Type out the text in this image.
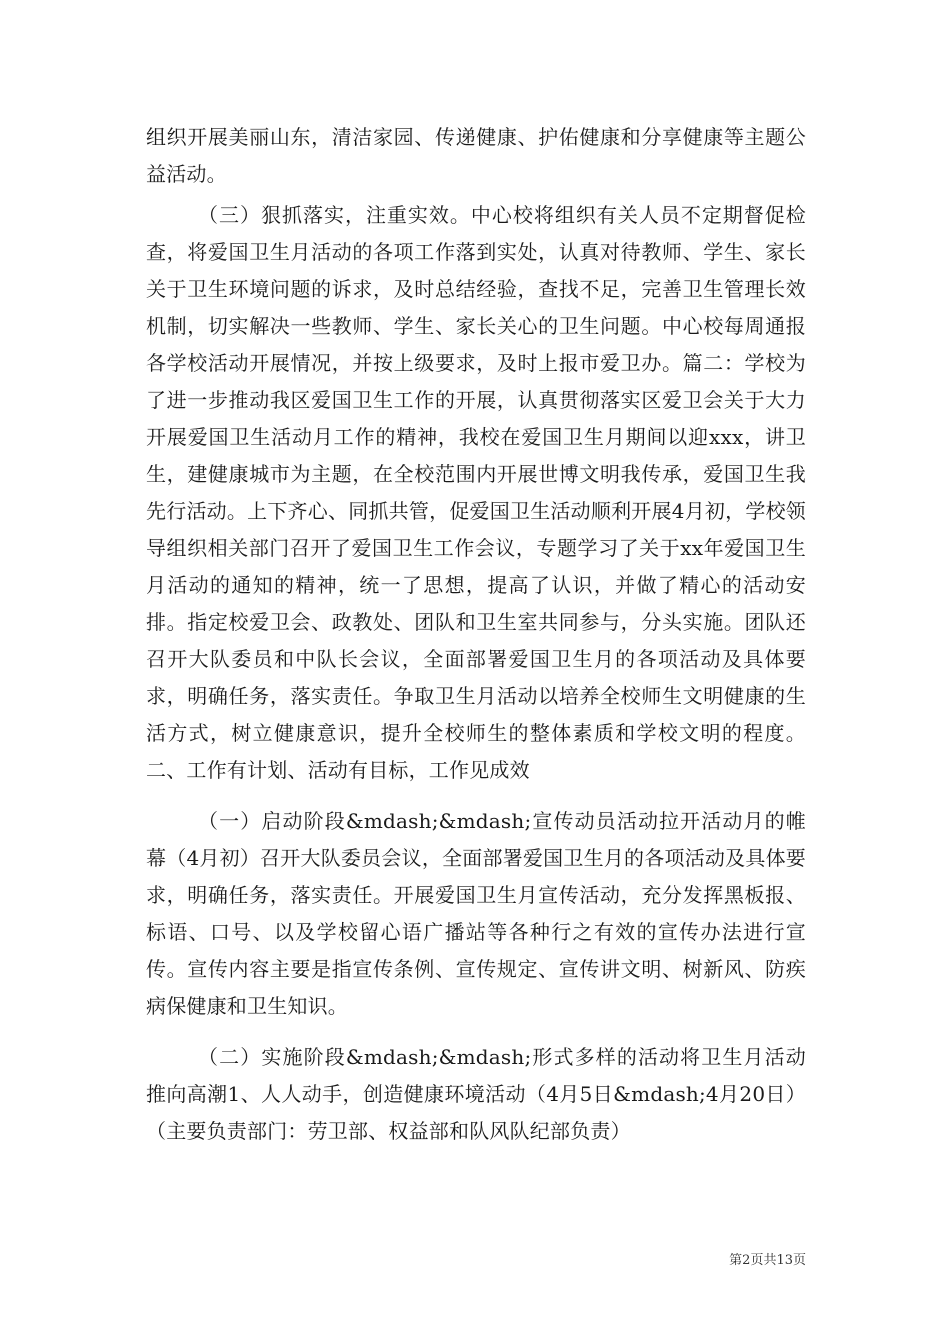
组织开展美丽山东，清洁家园、传递健康、护佑健康和分享健康等主题公益活动。

（三）狠抓落实，注重实效。中心校将组织有关人员不定期督促检查，将爱国卫生月活动的各项工作落到实处，认真对待教师、学生、家长关于卫生环境问题的诉求，及时总结经验，查找不足，完善卫生管理长效机制，切实解决一些教师、学生、家长关心的卫生问题。中心校每周通报各学校活动开展情况，并按上级要求，及时上报市爱卫办。篇二：学校为了进一步推动我区爱国卫生工作的开展，认真贯彻落实区爱卫会关于大力开展爱国卫生活动月工作的精神，我校在爱国卫生月期间以迎xxx，讲卫生，建健康城市为主题，在全校范围内开展世博文明我传承，爱国卫生我先行活动。上下齐心、同抓共管，促爱国卫生活动顺利开展4月初，学校领导组织相关部门召开了爱国卫生工作会议，专题学习了关于xx年爱国卫生月活动的通知的精神，统一了思想，提高了认识，并做了精心的活动安排。指定校爱卫会、政教处、团队和卫生室共同参与，分头实施。团队还召开大队委员和中队长会议，全面部署爱国卫生月的各项活动及具体要求，明确任务，落实责任。争取卫生月活动以培养全校师生文明健康的生活方式，树立健康意识，提升全校师生的整体素质和学校文明的程度。二、工作有计划、活动有目标，工作见成效

（一）启动阶段&mdash;&mdash;宣传动员活动拉开活动月的帷幕（4月初）召开大队委员会议，全面部署爱国卫生月的各项活动及具体要求，明确任务，落实责任。开展爱国卫生月宣传活动，充分发挥黑板报、标语、口号、以及学校留心语广播站等各种行之有效的宣传办法进行宣传。宣传内容主要是指宣传条例、宣传规定、宣传讲文明、树新风、防疾病保健康和卫生知识。

（二）实施阶段&mdash;&mdash;形式多样的活动将卫生月活动推向高潮1、人人动手，创造健康环境活动（4月5日&mdash;4月20日）（主要负责部门：劳卫部、权益部和队风队纪部负责）

第2页共13页
